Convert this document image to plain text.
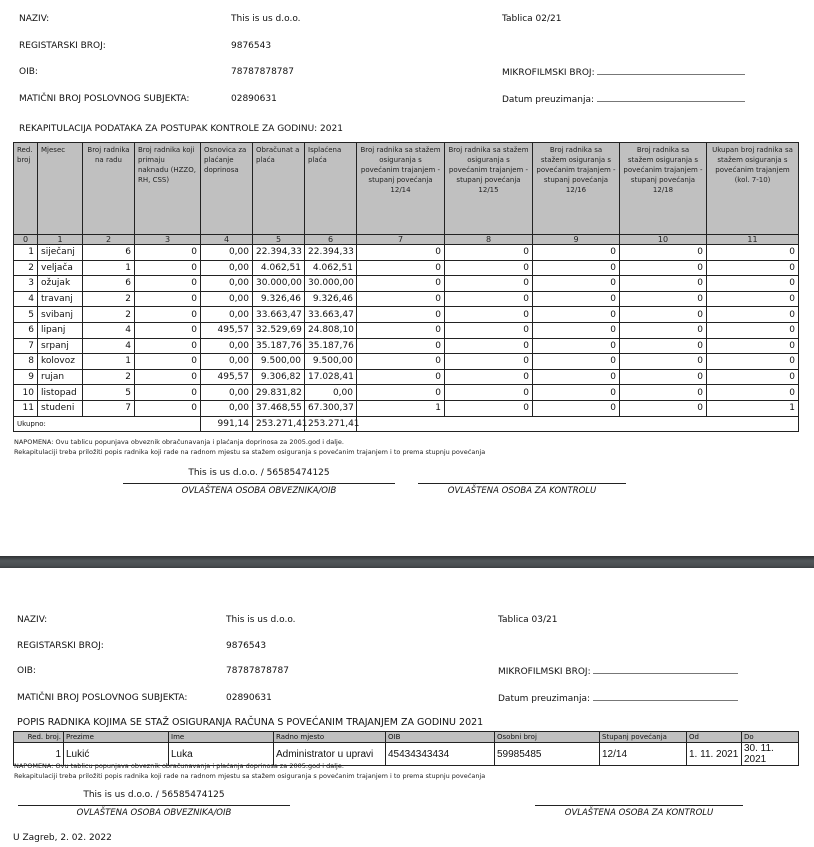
NAZIV:	This is us d.o.o.	Tablica 02/21
REGISTARSKI BROJ:	9876543
OIB:	78787878787	MIKROFILMSKI BROJ:
MATIČNI BROJ POSLOVNOG SUBJEKTA:	02890631	Datum preuzimanja:
REKAPITULACIJA PODATAKA ZA POSTUPAK KONTROLE ZA GODINU: 2021
Red. broj	Mjesec	Broj radnika na radu	Broj radnika koji primaju naknadu (HZZO, RH, CSS)	Osnovica za plaćanje doprinosa	Obračunat a plaća	Isplaćena plaća	Broj radnika sa stažem osiguranja s povećanim trajanjem - stupanj povećanja 12/14	Broj radnika sa stažem osiguranja s povećanim trajanjem - stupanj povećanja 12/15	Broj radnika sa stažem osiguranja s povećanim trajanjem - stupanj povećanja 12/16	Broj radnika sa stažem osiguranja s povećanim trajanjem - stupanj povećanja 12/18	Ukupan broj radnika sa stažem osiguranja s povećanim trajanjem (kol. 7-10)
0	1	2	3	4	5	6	7	8	9	10	11
1	siječanj	6	0	0,00	22.394,33	22.394,33	0	0	0	0	0
2	veljača	1	0	0,00	4.062,51	4.062,51	0	0	0	0	0
3	ožujak	6	0	0,00	30.000,00	30.000,00	0	0	0	0	0
4	travanj	2	0	0,00	9.326,46	9.326,46	0	0	0	0	0
5	svibanj	2	0	0,00	33.663,47	33.663,47	0	0	0	0	0
6	lipanj	4	0	495,57	32.529,69	24.808,10	0	0	0	0	0
7	srpanj	4	0	0,00	35.187,76	35.187,76	0	0	0	0	0
8	kolovoz	1	0	0,00	9.500,00	9.500,00	0	0	0	0	0
9	rujan	2	0	495,57	9.306,82	17.028,41	0	0	0	0	0
10	listopad	5	0	0,00	29.831,82	0,00	0	0	0	0	0
11	studeni	7	0	0,00	37.468,55	67.300,37	1	0	0	0	1
Ukupno:				991,14	253.271,41	253.271,41					
NAPOMENA: Ovu tablicu popunjava obveznik obračunavanja i plaćanja doprinosa za 2005.god i dalje.
Rekapitulaciji treba priložiti popis radnika koji rade na radnom mjestu sa stažem osiguranja s povećanim trajanjem i to prema stupnju povećanja
This is us d.o.o. / 56585474125
OVLAŠTENA OSOBA OBVEZNIKA/OIB	OVLAŠTENA OSOBA ZA KONTROLU
NAZIV:	This is us d.o.o.	Tablica 03/21
REGISTARSKI BROJ:	9876543
OIB:	78787878787	MIKROFILMSKI BROJ:
MATIČNI BROJ POSLOVNOG SUBJEKTA:	02890631	Datum preuzimanja:
POPIS RADNIKA KOJIMA SE STAŽ OSIGURANJA RAČUNA S POVEĆANIM TRAJANJEM ZA GODINU 2021
Red. broj.	Prezime	Ime	Radno mjesto	OIB	Osobni broj	Stupanj povećanja	Od	Do
1	Lukić	Luka	Administrator u upravi	45434343434	59985485	12/14	1. 11. 2021	30. 11. 2021
NAPOMENA: Ovu tablicu popunjava obveznik obračunavanja i plaćanja doprinosa za 2005.god i dalje.
Rekapitulaciji treba priložiti popis radnika koji rade na radnom mjestu sa stažem osiguranja s povećanim trajanjem i to prema stupnju povećanja
This is us d.o.o. / 56585474125
OVLAŠTENA OSOBA OBVEZNIKA/OIB	OVLAŠTENA OSOBA ZA KONTROLU
U Zagreb, 2. 02. 2022
